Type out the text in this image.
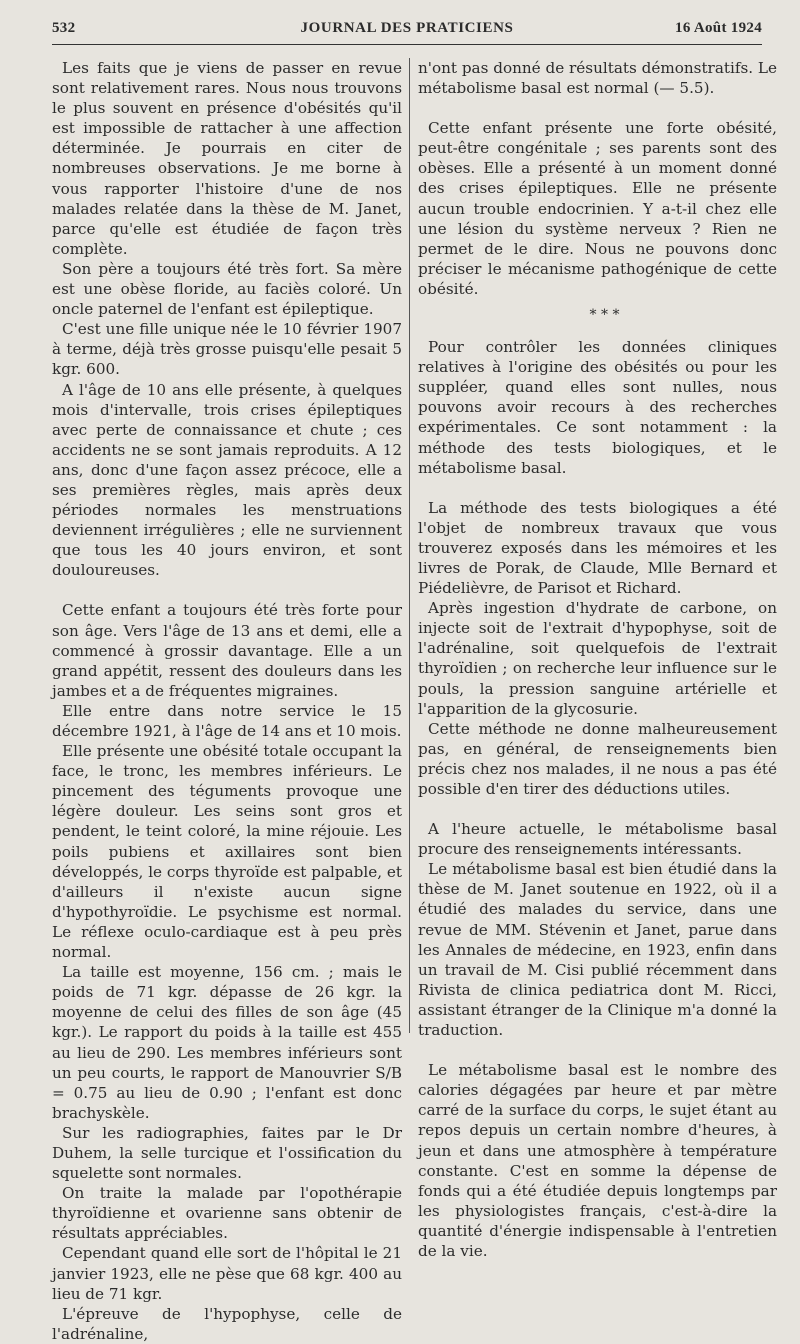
JOURNAL DES PRATICIENS
532	16 Août 1924

Les faits que je viens de passer en revue sont relativement rares. Nous nous trouvons le plus souvent en présence d'obésités qu'il est impossible de rattacher à une affection déterminée. Je pourrais en citer de nombreuses observations. Je me borne à vous rapporter l'histoire d'une de nos malades relatée dans la thèse de M. Janet, parce qu'elle est étudiée de façon très complète.

Son père a toujours été très fort. Sa mère est une obèse floride, au faciès coloré. Un oncle paternel de l'enfant est épileptique.

C'est une fille unique née le 10 février 1907 à terme, déjà très grosse puisqu'elle pesait 5 kgr. 600.

A l'âge de 10 ans elle présente, à quelques mois d'intervalle, trois crises épileptiques avec perte de connaissance et chute ; ces accidents ne se sont jamais reproduits. A 12 ans, donc d'une façon assez précoce, elle a ses premières règles, mais après deux périodes normales les menstruations deviennent irrégulières ; elle ne surviennent que tous les 40 jours environ, et sont douloureuses.

Cette enfant a toujours été très forte pour son âge. Vers l'âge de 13 ans et demi, elle a commencé à grossir davantage. Elle a un grand appétit, ressent des douleurs dans les jambes et a de fréquentes migraines.

Elle entre dans notre service le 15 décembre 1921, à l'âge de 14 ans et 10 mois.

Elle présente une obésité totale occupant la face, le tronc, les membres inférieurs. Le pincement des téguments provoque une légère douleur. Les seins sont gros et pendent, le teint coloré, la mine réjouie. Les poils pubiens et axillaires sont bien développés, le corps thyroïde est palpable, et d'ailleurs il n'existe aucun signe d'hypothyroïdie. Le psychisme est normal. Le réflexe oculo-cardiaque est à peu près normal.

La taille est moyenne, 156 cm. ; mais le poids de 71 kgr. dépasse de 26 kgr. la moyenne de celui des filles de son âge (45 kgr.). Le rapport du poids à la taille est 455 au lieu de 290. Les membres inférieurs sont un peu courts, le rapport de Manouvrier S/B = 0.75 au lieu de 0.90 ; l'enfant est donc brachyskèle.

Sur les radiographies, faites par le Dr Duhem, la selle turcique et l'ossification du squelette sont normales.

On traite la malade par l'opothérapie thyroïdienne et ovarienne sans obtenir de résultats appréciables.

Cependant quand elle sort de l'hôpital le 21 janvier 1923, elle ne pèse que 68 kgr. 400 au lieu de 71 kgr.

L'épreuve de l'hypophyse, celle de l'adrénaline,

n'ont pas donné de résultats démonstratifs. Le métabolisme basal est normal (— 5.5).

Cette enfant présente une forte obésité, peut-être congénitale ; ses parents sont des obèses. Elle a présenté à un moment donné des crises épileptiques. Elle ne présente aucun trouble endocrinien. Y a-t-il chez elle une lésion du système nerveux ? Rien ne permet de le dire. Nous ne pouvons donc préciser le mécanisme pathogénique de cette obésité.

* * *

Pour contrôler les données cliniques relatives à l'origine des obésités ou pour les suppléer, quand elles sont nulles, nous pouvons avoir recours à des recherches expérimentales. Ce sont notamment : la méthode des tests biologiques, et le métabolisme basal.

La méthode des tests biologiques a été l'objet de nombreux travaux que vous trouverez exposés dans les mémoires et les livres de Porak, de Claude, Mlle Bernard et Piédelièvre, de Parisot et Richard.

Après ingestion d'hydrate de carbone, on injecte soit de l'extrait d'hypophyse, soit de l'adrénaline, soit quelquefois de l'extrait thyroïdien ; on recherche leur influence sur le pouls, la pression sanguine artérielle et l'apparition de la glycosurie.

Cette méthode ne donne malheureusement pas, en général, de renseignements bien précis chez nos malades, il ne nous a pas été possible d'en tirer des déductions utiles.

A l'heure actuelle, le métabolisme basal procure des renseignements intéressants.

Le métabolisme basal est bien étudié dans la thèse de M. Janet soutenue en 1922, où il a étudié des malades du service, dans une revue de MM. Stévenin et Janet, parue dans les Annales de médecine, en 1923, enfin dans un travail de M. Cisi publié récemment dans Rivista de clinica pediatrica dont M. Ricci, assistant étranger de la Clinique m'a donné la traduction.

Le métabolisme basal est le nombre des calories dégagées par heure et par mètre carré de la surface du corps, le sujet étant au repos depuis un certain nombre d'heures, à jeun et dans une atmosphère à température constante. C'est en somme la dépense de fonds qui a été étudiée depuis longtemps par les physiologistes français, c'est-à-dire la quantité d'énergie indispensable à l'entretien de la vie.
